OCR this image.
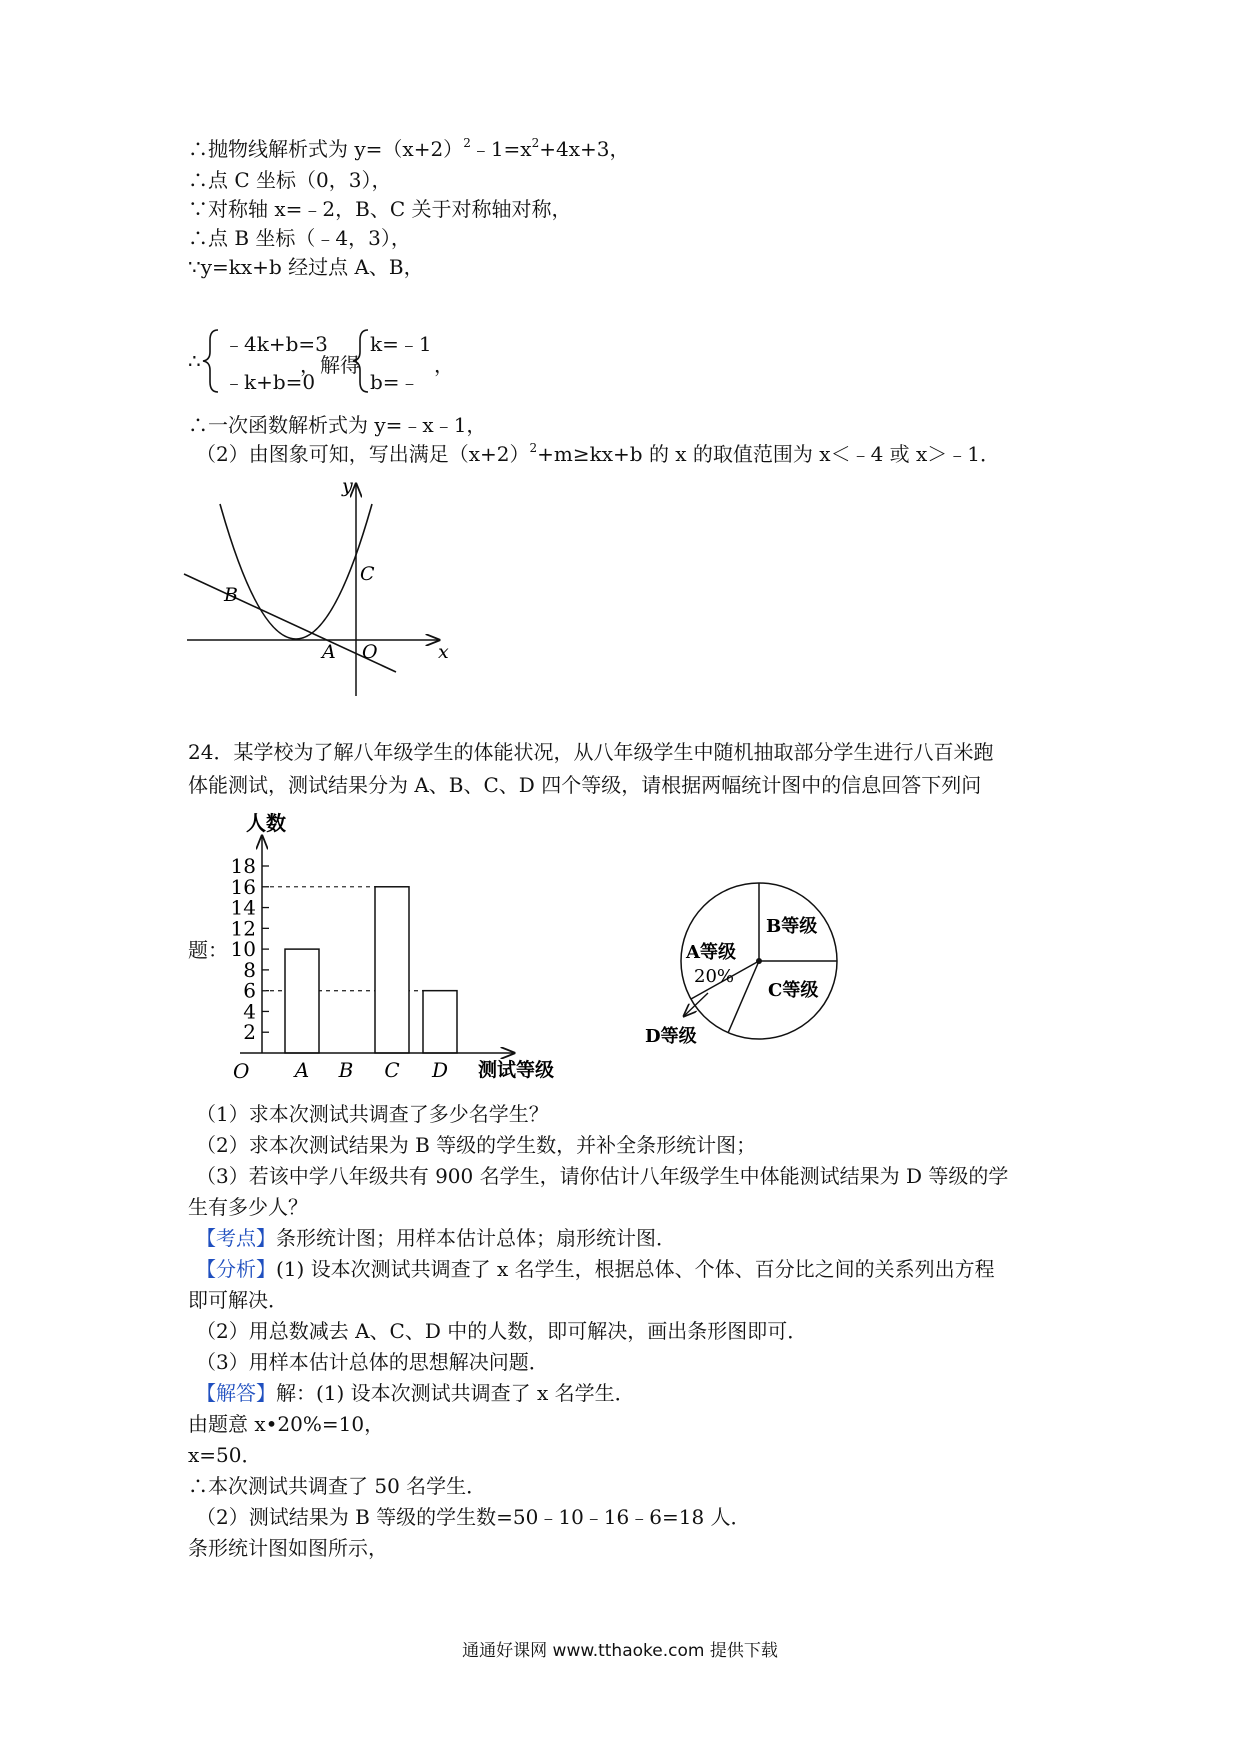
∴抛物线解析式为 $y=(x+2)^2﹣1=x^2+4x+3$，
∴点 C 坐标（0，3），
∵对称轴 x=﹣2，B、C 关于对称轴对称，
∴点 B 坐标（﹣4，3），
∵y=kx+b 经过点 A、B，
∴
﹣4k+b=3
﹣k+b=0
，解得
k=﹣1
b=﹣
，
∴一次函数解析式为 y=﹣x﹣1，
（2）由图象可知，写出满足$(x+2)^2+m\ge kx+b$ 的 x 的取值范围为 x＜﹣4 或 x＞﹣1．
y
x
O
A
B
C
24．某学校为了解八年级学生的体能状况，从八年级学生中随机抽取部分学生进行八百米跑
体能测试，测试结果分为 A、B、C、D 四个等级，请根据两幅统计图中的信息回答下列问
题：
2
4
6
8
10
12
14
16
18
A B C D
人数
测试等级
O
B等级
A等级
20%
C等级
D等级
（1）求本次测试共调查了多少名学生？
（2）求本次测试结果为 B 等级的学生数，并补全条形统计图；
（3）若该中学八年级共有 900 名学生，请你估计八年级学生中体能测试结果为 D 等级的学
生有多少人？
【考点】条形统计图；用样本估计总体；扇形统计图．
【分析】(1) 设本次测试共调查了 x 名学生，根据总体、个体、百分比之间的关系列出方程
即可解决．
（2）用总数减去 A、C、D 中的人数，即可解决，画出条形图即可．
（3）用样本估计总体的思想解决问题．
【解答】解：(1) 设本次测试共调查了 x 名学生．
由题意 x•20%=10，
x=50．
∴本次测试共调查了 50 名学生．
（2）测试结果为 B 等级的学生数=50﹣10﹣16﹣6=18 人．
条形统计图如图所示，
通通好课网 www.tthaoke.com 提供下载
